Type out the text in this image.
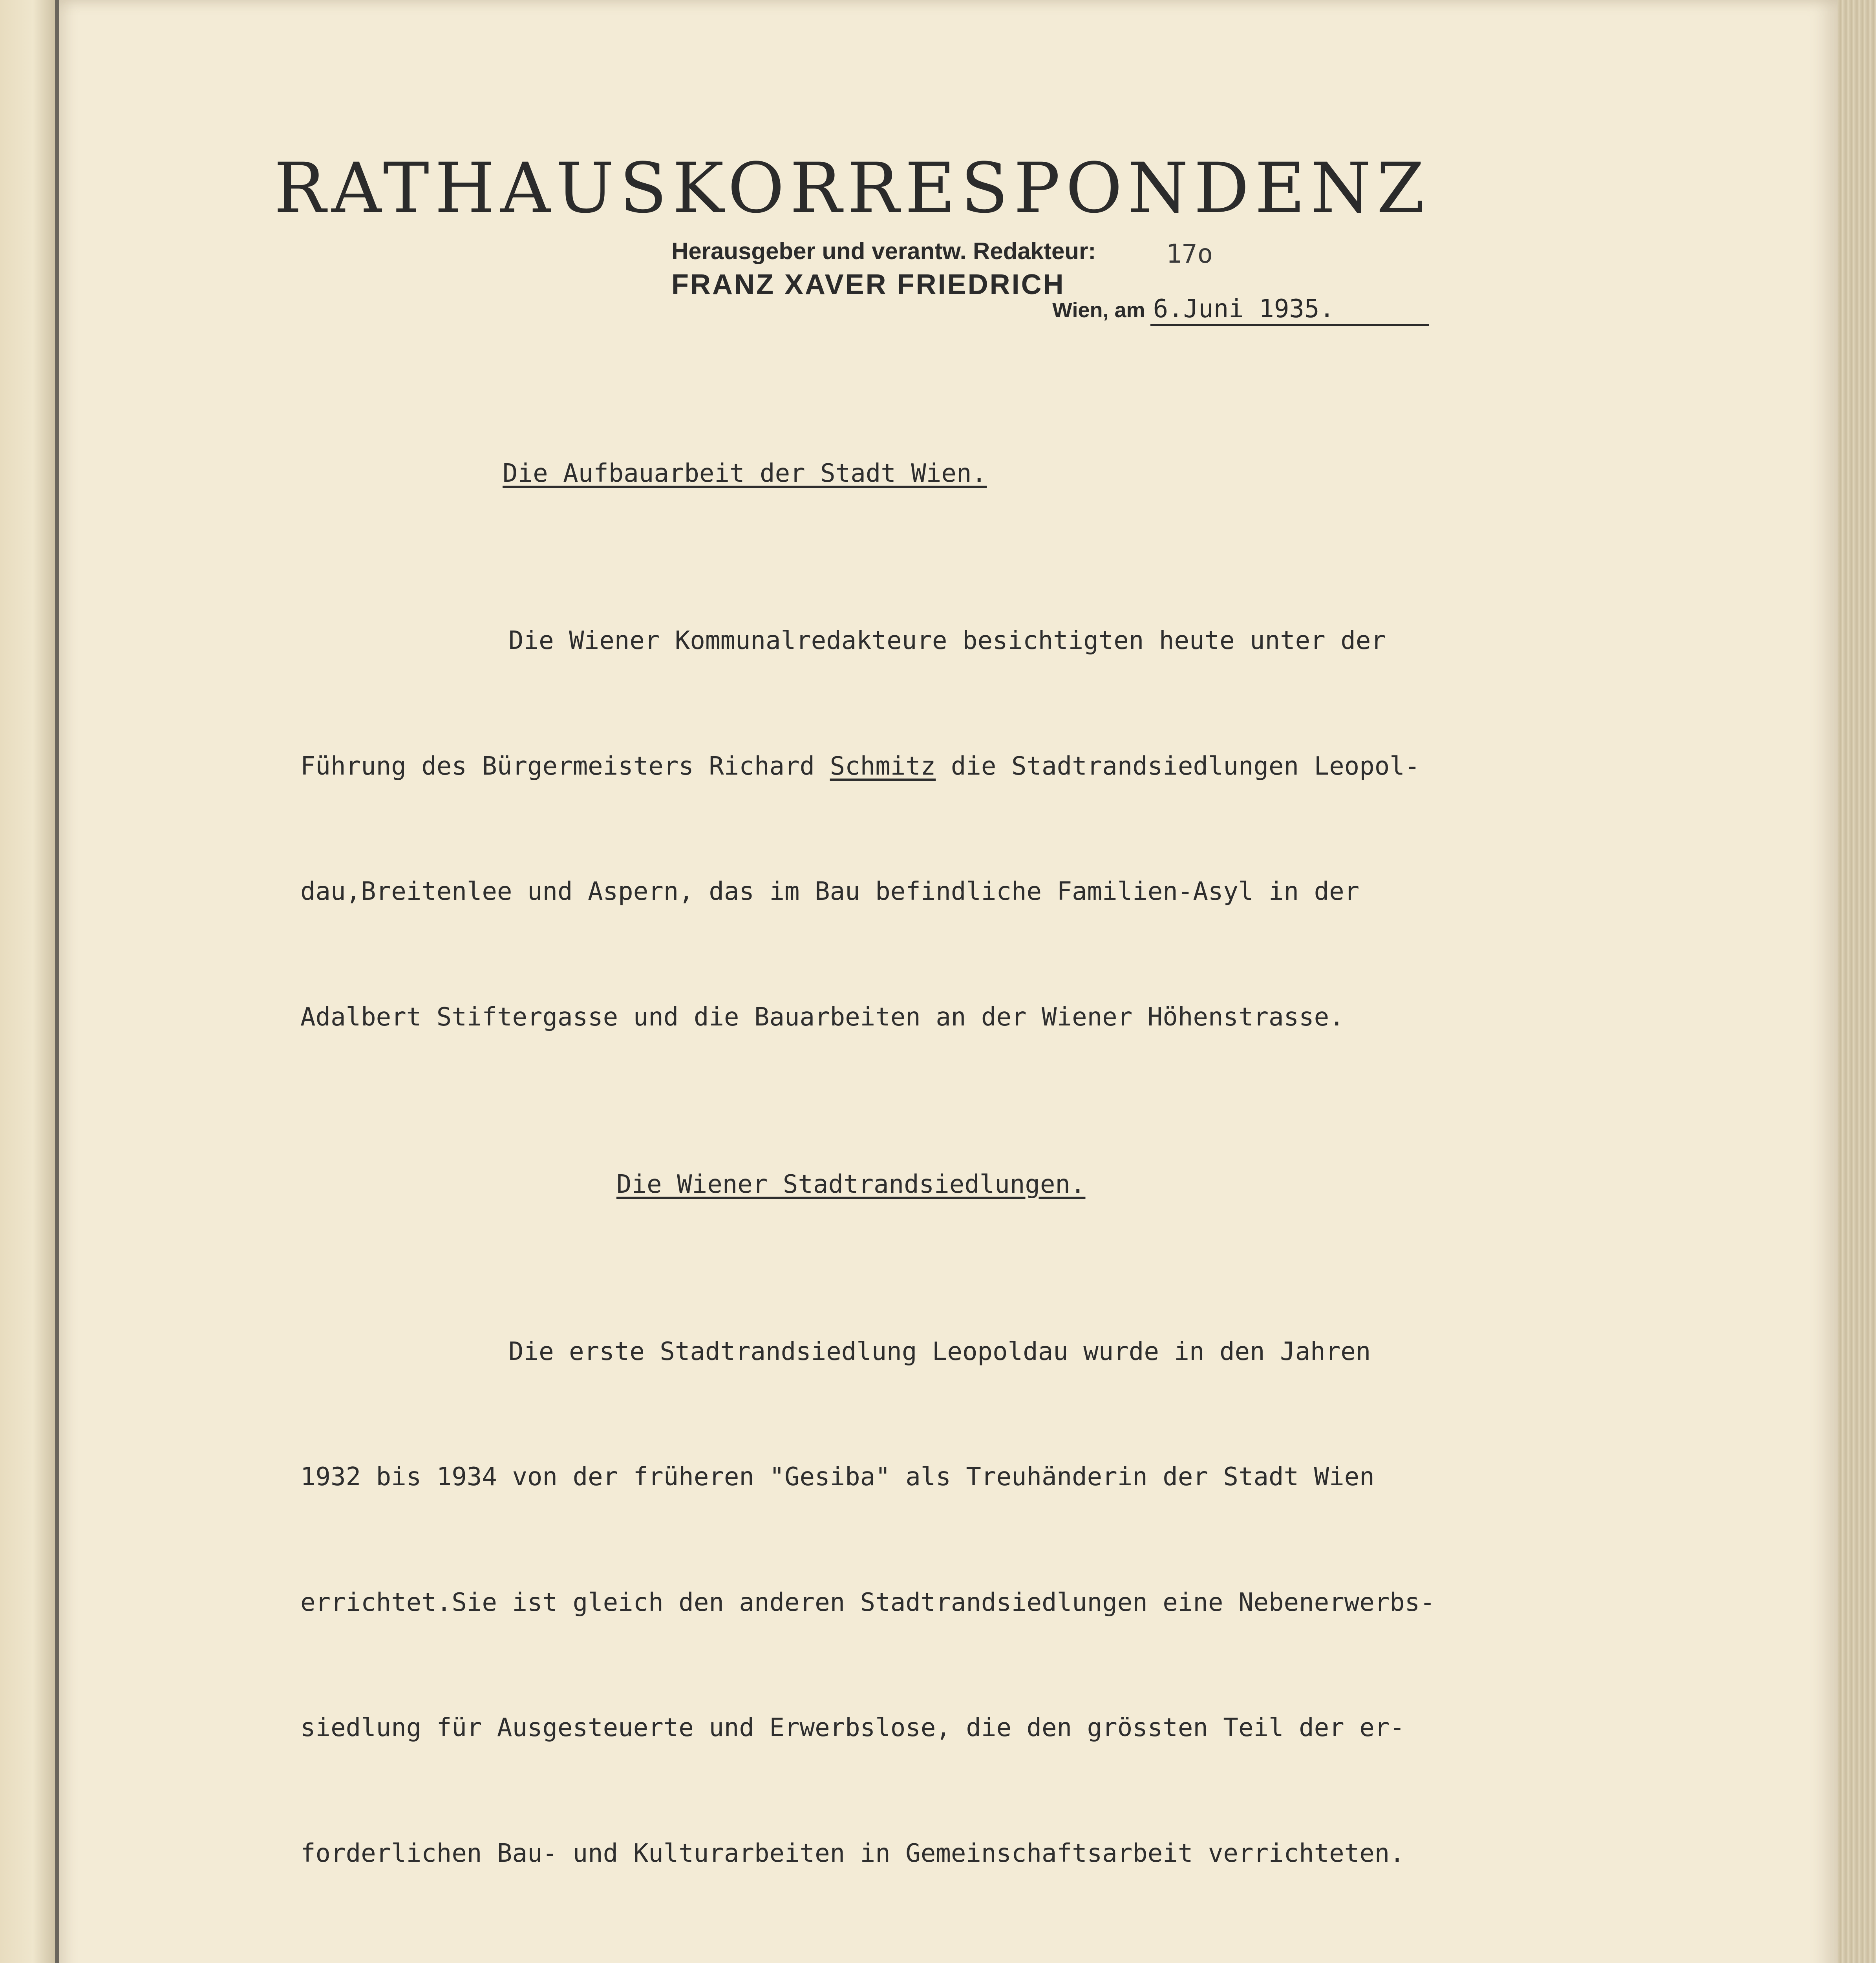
RATHAUSKORRESPONDENZ
Herausgeber und verantw. Redakteur:
FRANZ XAVER FRIEDRICH
17o
Wien, am 6.Juni 1935.

Die Aufbauarbeit der Stadt Wien.

Die Wiener Kommunalredakteure besichtigten heute unter der

Führung des Bürgermeisters Richard Schmitz die Stadtrandsiedlungen Leopol-

dau,Breitenlee und Aspern, das im Bau befindliche Familien-Asyl in der

Adalbert Stiftergasse und die Bauarbeiten an der Wiener Höhenstrasse.

Die Wiener Stadtrandsiedlungen.

Die erste Stadtrandsiedlung Leopoldau wurde in den Jahren

1932 bis 1934 von der früheren "Gesiba" als Treuhänderin der Stadt Wien

errichtet.Sie ist gleich den anderen Stadtrandsiedlungen eine Nebenerwerbs-

siedlung für Ausgesteuerte und Erwerbslose, die den grössten Teil der er-

forderlichen Bau- und Kulturarbeiten in Gemeinschaftsarbeit verrichteten.
